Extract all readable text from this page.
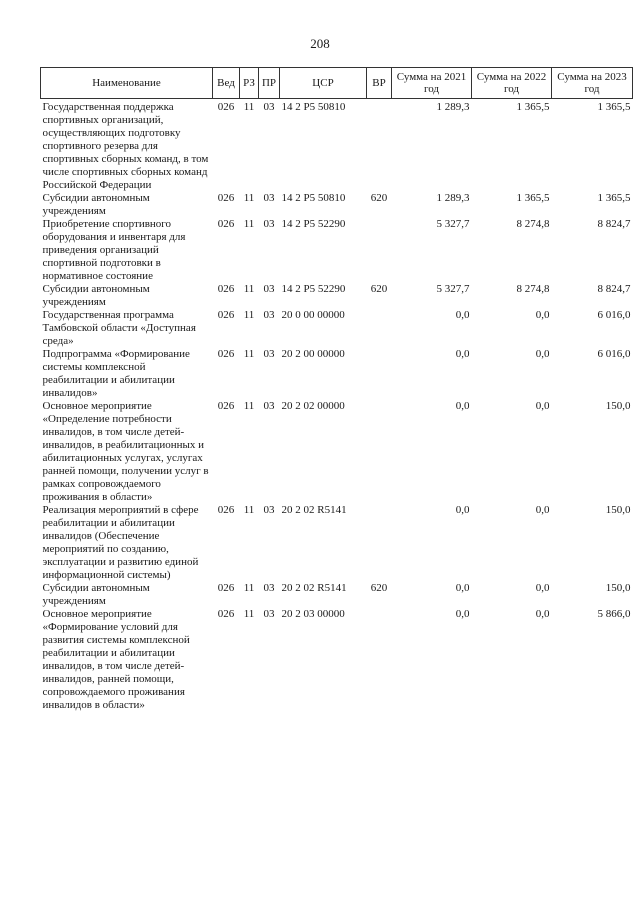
208
Наименование	Вед	РЗ	ПР	ЦСР	ВР	Сумма на 2021 год	Сумма на 2022 год	Сумма на 2023 год
Государственная поддержка спортивных организаций, осуществляющих подготовку спортивного резерва для спортивных сборных команд, в том числе спортивных сборных команд Российской Федерации	026	11	03	14 2 P5 50810		1 289,3	1 365,5	1 365,5
Субсидии автономным учреждениям	026	11	03	14 2 P5 50810	620	1 289,3	1 365,5	1 365,5
Приобретение спортивного оборудования и инвентаря для приведения организаций спортивной подготовки в нормативное состояние	026	11	03	14 2 P5 52290		5 327,7	8 274,8	8 824,7
Субсидии автономным учреждениям	026	11	03	14 2 P5 52290	620	5 327,7	8 274,8	8 824,7
Государственная программа Тамбовской области «Доступная среда»	026	11	03	20 0 00 00000		0,0	0,0	6 016,0
Подпрограмма «Формирование системы комплексной реабилитации и абилитации инвалидов»	026	11	03	20 2 00 00000		0,0	0,0	6 016,0
Основное мероприятие «Определение потребности инвалидов, в том числе детей-инвалидов, в реабилитационных и абилитационных услугах, услугах ранней помощи, получении услуг в рамках сопровождаемого проживания в области»	026	11	03	20 2 02 00000		0,0	0,0	150,0
Реализация мероприятий в сфере реабилитации и абилитации инвалидов (Обеспечение мероприятий по созданию, эксплуатации и развитию единой информационной системы)	026	11	03	20 2 02 R5141		0,0	0,0	150,0
Субсидии автономным учреждениям	026	11	03	20 2 02 R5141	620	0,0	0,0	150,0
Основное мероприятие «Формирование условий для развития системы комплексной реабилитации и абилитации инвалидов, в том числе детей-инвалидов, ранней помощи, сопровождаемого проживания инвалидов в области»	026	11	03	20 2 03 00000		0,0	0,0	5 866,0
